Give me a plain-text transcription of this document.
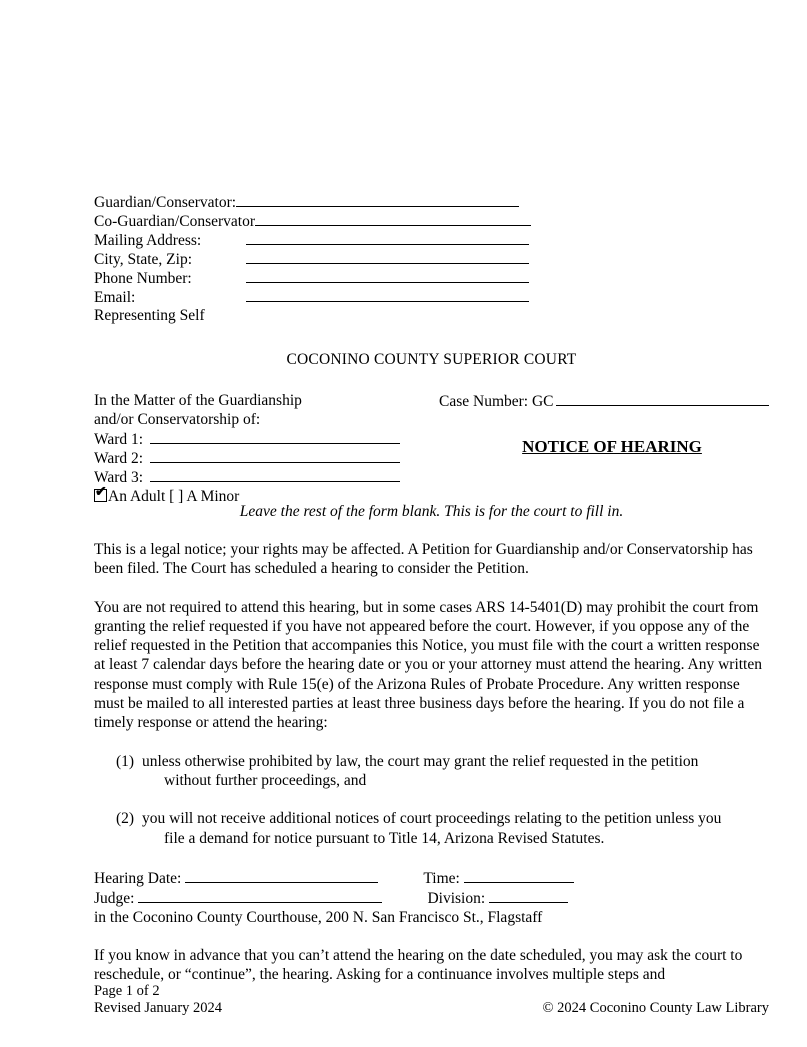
Guardian/Conservator:
Co-Guardian/Conservator
Mailing Address:
City, State, Zip:
Phone Number:
Email:
Representing Self
COCONINO COUNTY SUPERIOR COURT
In the Matter of the Guardianship
and/or Conservatorship of:
Ward 1:
Ward 2:
Ward 3:
✔ An Adult [ ] A Minor
Case Number: GC
NOTICE OF HEARING
Leave the rest of the form blank. This is for the court to fill in.
This is a legal notice; your rights may be affected. A Petition for Guardianship and/or Conservatorship has been filed. The Court has scheduled a hearing to consider the Petition.
You are not required to attend this hearing, but in some cases ARS 14-5401(D) may prohibit the court from granting the relief requested if you have not appeared before the court. However, if you oppose any of the relief requested in the Petition that accompanies this Notice, you must file with the court a written response at least 7 calendar days before the hearing date or you or your attorney must attend the hearing. Any written response must comply with Rule 15(e) of the Arizona Rules of Probate Procedure. Any written response must be mailed to all interested parties at least three business days before the hearing. If you do not file a timely response or attend the hearing:
(1) unless otherwise prohibited by law, the court may grant the relief requested in the petition
without further proceedings, and
(2) you will not receive additional notices of court proceedings relating to the petition unless you
file a demand for notice pursuant to Title 14, Arizona Revised Statutes.
Hearing Date:	Time:
Judge:	Division:
in the Coconino County Courthouse, 200 N. San Francisco St., Flagstaff
If you know in advance that you can’t attend the hearing on the date scheduled, you may ask the court to reschedule, or “continue”, the hearing. Asking for a continuance involves multiple steps and
Page 1 of 2
Revised January 2024	© 2024 Coconino County Law Library
